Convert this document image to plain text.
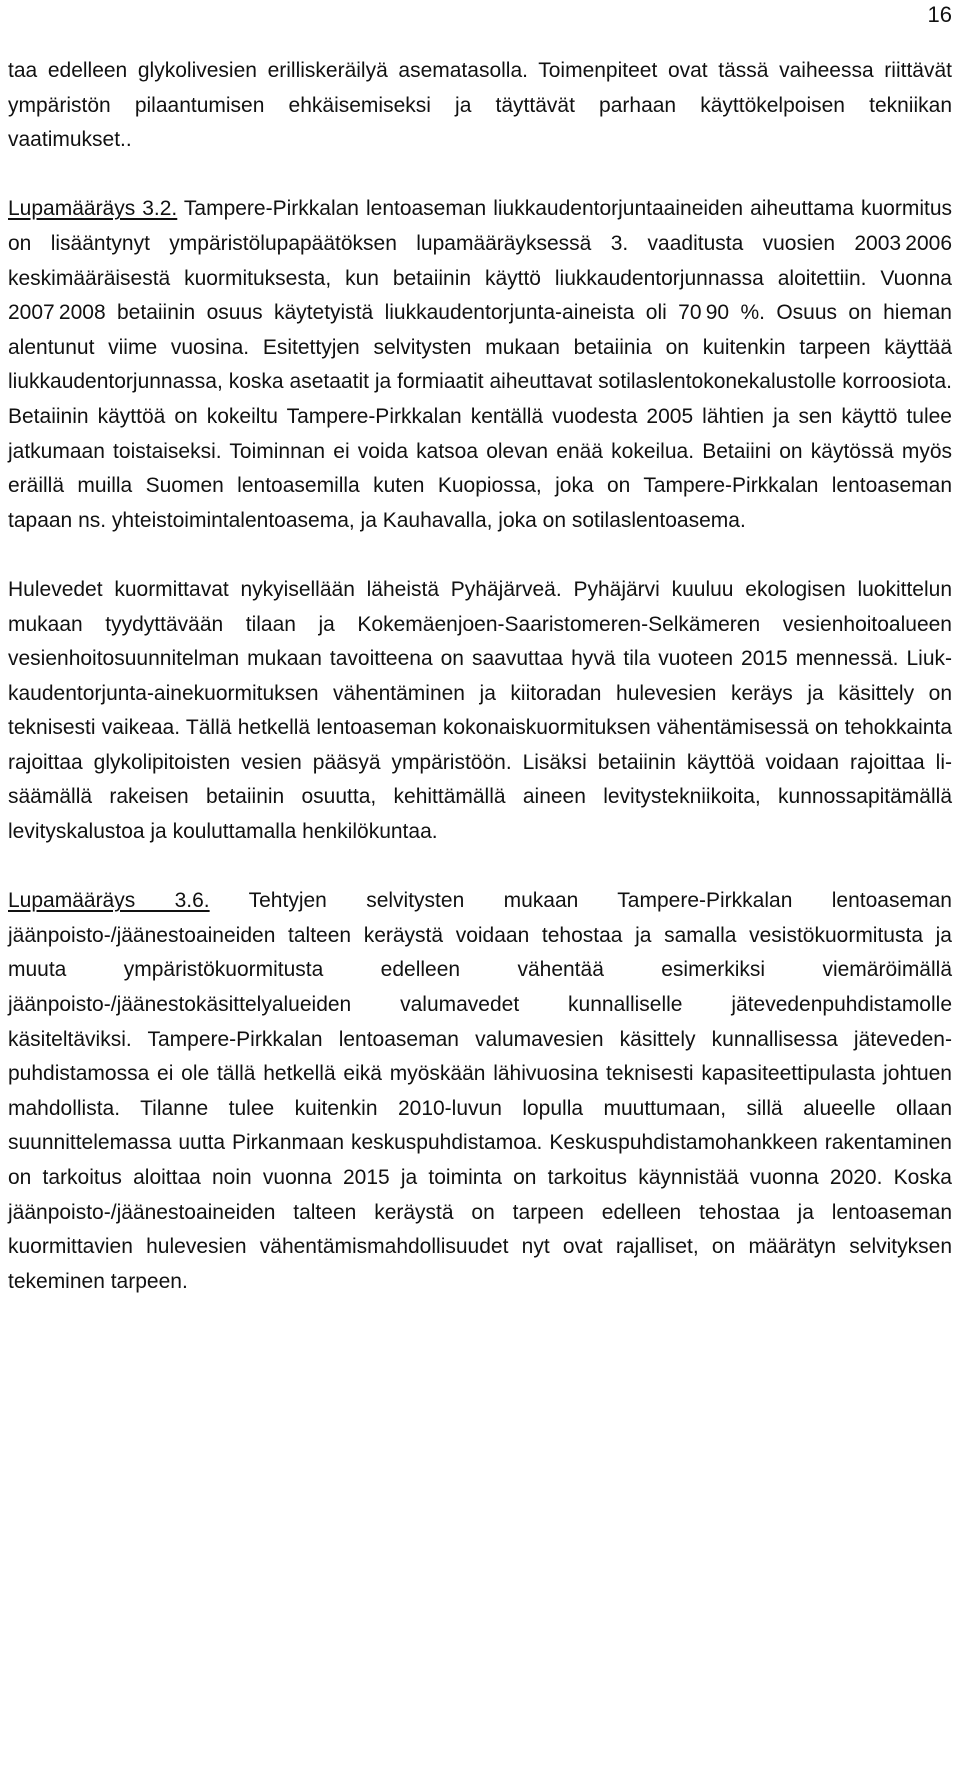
16

taa edelleen glykolivesien erilliskeräilyä asematasolla. Toimenpiteet ovat tässä vaiheessa riittävät ympäristön pilaantumisen ehkäisemiseksi ja täyttävät parhaan käyttökelpoisen tekniikan vaatimukset..

Lupamääräys 3.2. Tampere-Pirkkalan lentoaseman liukkaudentorjuntaaineiden aiheuttama kuormitus on lisääntynyt ympäristölupapäätöksen lupamääräyksessä 3. vaaditusta vuosien 2003 2006 keskimääräisestä kuormituksesta, kun betaiinin käyttö liukkaudentorjunnassa aloitettiin. Vuonna 2007 2008 betaiinin osuus käytetyistä liukkaudentorjunta-aineista oli 70 90 %. Osuus on hieman alentunut viime vuosina. Esitettyjen selvitysten mukaan betaiinia on kuitenkin tarpeen käyttää liukkaudentorjunnassa, koska asetaatit ja formiaatit aiheuttavat sotilaslentokonekalustolle korroosiota. Betaiinin käyttöä on kokeiltu Tampere-Pirkkalan kentällä vuodesta 2005 lähtien ja sen käyttö tulee jatkumaan toistaiseksi. Toiminnan ei voida katsoa olevan enää kokeilua. Betaiini on käytössä myös eräillä muilla Suomen lentoasemilla kuten Kuopiossa, joka on Tampere-Pirkkalan lentoaseman tapaan ns. yhteistoimintalentoasema, ja Kauhavalla, joka on sotilaslentoasema.

Hulevedet kuormittavat nykyisellään läheistä Pyhäjärveä. Pyhäjärvi kuuluu ekologisen luokittelun mukaan tyydyttävään tilaan ja Kokemäenjoen-Saaristomeren-Selkämeren vesienhoitoalueen vesienhoitosuunnitelman mukaan tavoitteena on saavuttaa hyvä tila vuoteen 2015 mennessä. Liukkaudentorjunta-ainekuormituksen vähentäminen ja kiitoradan hulevesien keräys ja käsittely on teknisesti vaikeaa. Tällä hetkellä lentoaseman kokonaiskuormituksen vähentämisessä on tehokkainta rajoittaa glykolipitoisten vesien pääsyä ympäristöön. Lisäksi betaiinin käyttöä voidaan rajoittaa lisäämällä rakeisen betaiinin osuutta, kehittämällä aineen levitystekniikoita, kunnossapitämällä levityskalustoa ja kouluttamalla henkilökuntaa.

Lupamääräys 3.6. Tehtyjen selvitysten mukaan Tampere-Pirkkalan lentoaseman jäänpoisto-/jäänestoaineiden talteen keräystä voidaan tehostaa ja samalla vesistökuormitusta ja muuta ympäristökuormitusta edelleen vähentää esimerkiksi viemäröimällä jäänpoisto-/jäänestokäsittelyalueiden valumavedet kunnalliselle jätevedenpuhdistamolle käsiteltäviksi. Tampere-Pirkkalan lentoaseman valumavesien käsittely kunnallisessa jätevedenpuhdistamossa ei ole tällä hetkellä eikä myöskään lähivuosina teknisesti kapasiteettipulasta johtuen mahdollista. Tilanne tulee kuitenkin 2010-luvun lopulla muuttumaan, sillä alueelle ollaan suunnittelemassa uutta Pirkanmaan keskuspuhdistamoa. Keskuspuhdistamohankkeen rakentaminen on tarkoitus aloittaa noin vuonna 2015 ja toiminta on tarkoitus käynnistää vuonna 2020. Koska jäänpoisto-/jäänestoaineiden talteen keräystä on tarpeen edelleen tehostaa ja lentoaseman kuormittavien hulevesien vähentämismahdollisuudet nyt ovat rajalliset, on määrätyn selvityksen tekeminen tarpeen.
